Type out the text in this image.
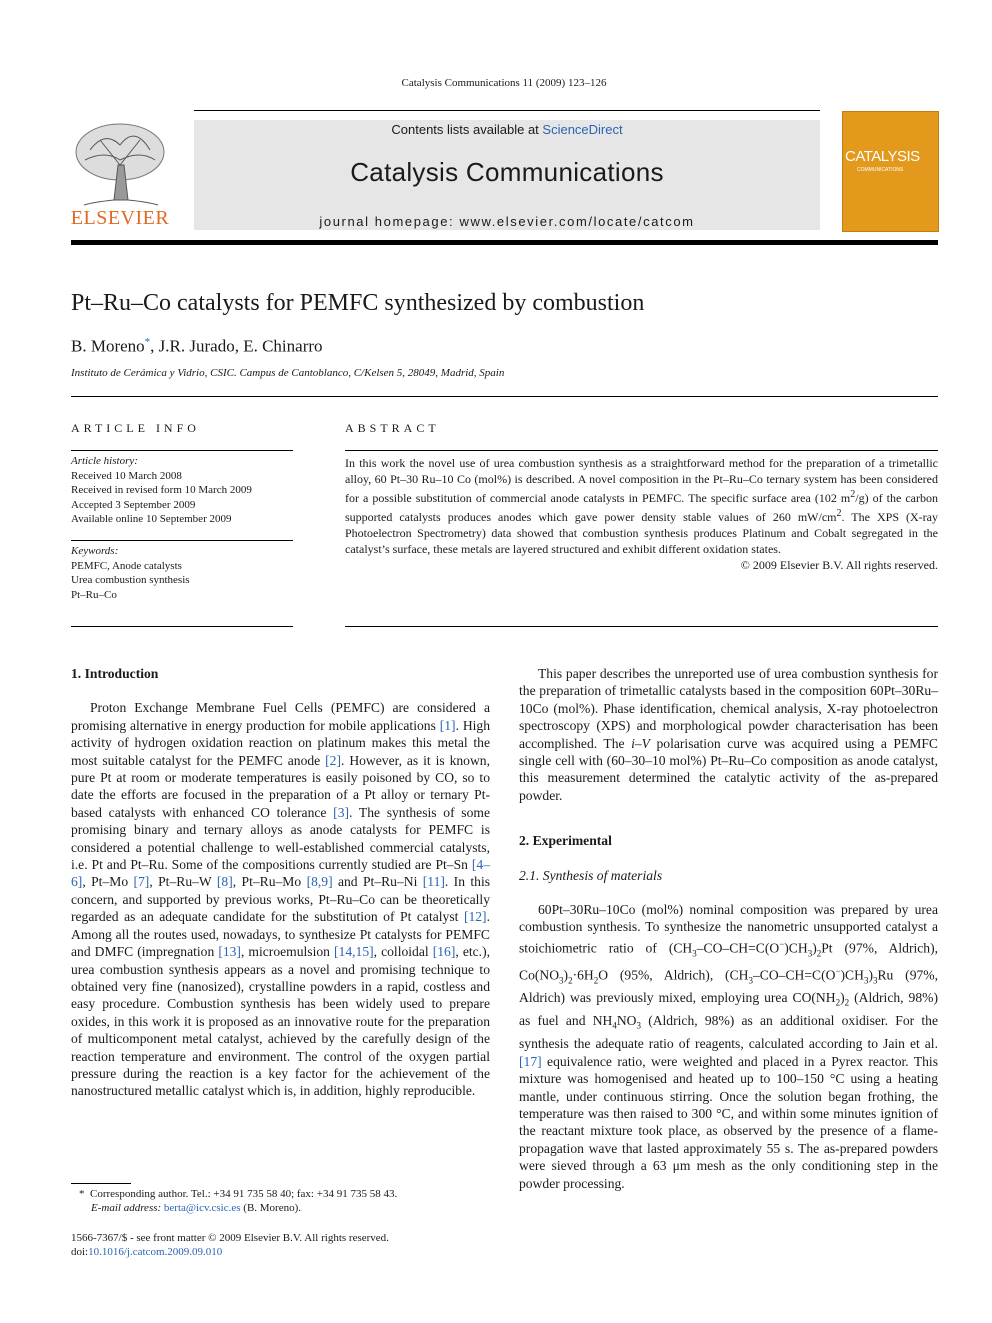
Catalysis Communications 11 (2009) 123–126
ELSEVIER
Contents lists available at ScienceDirect
Catalysis Communications
journal homepage: www.elsevier.com/locate/catcom
CATALYSIS
COMMUNICATIONS
Pt–Ru–Co catalysts for PEMFC synthesized by combustion
B. Moreno*, J.R. Jurado, E. Chinarro
Instituto de Cerámica y Vidrio, CSIC. Campus de Cantoblanco, C/Kelsen 5, 28049, Madrid, Spain
ARTICLE INFO
Article history:
Received 10 March 2008
Received in revised form 10 March 2009
Accepted 3 September 2009
Available online 10 September 2009
Keywords:
PEMFC, Anode catalysts
Urea combustion synthesis
Pt–Ru–Co
ABSTRACT
In this work the novel use of urea combustion synthesis as a straightforward method for the preparation of a trimetallic alloy, 60 Pt–30 Ru–10 Co (mol%) is described. A novel composition in the Pt–Ru–Co ternary system has been considered for a possible substitution of commercial anode catalysts in PEMFC. The specific surface area (102 $m^2/g$) of the carbon supported catalysts produces anodes which gave power density stable values of 260 $mW/cm^2$. The XPS (X-ray Photoelectron Spectrometry) data showed that combustion synthesis produces Platinum and Cobalt segregated in the catalyst’s surface, these metals are layered structured and exhibit different oxidation states.
© 2009 Elsevier B.V. All rights reserved.
1. Introduction

Proton Exchange Membrane Fuel Cells (PEMFC) are considered a promising alternative in energy production for mobile applications [1]. High activity of hydrogen oxidation reaction on platinum makes this metal the most suitable catalyst for the PEMFC anode [2]. However, as it is known, pure Pt at room or moderate temperatures is easily poisoned by CO, so to date the efforts are focused in the preparation of a Pt alloy or ternary Pt-based catalysts with enhanced CO tolerance [3]. The synthesis of some promising binary and ternary alloys as anode catalysts for PEMFC is considered a potential challenge to well-established commercial catalysts, i.e. Pt and Pt–Ru. Some of the compositions currently studied are Pt–Sn [4–6], Pt–Mo [7], Pt–Ru–W [8], Pt–Ru–Mo [8,9] and Pt–Ru–Ni [11]. In this concern, and supported by previous works, Pt–Ru–Co can be theoretically regarded as an adequate candidate for the substitution of Pt catalyst [12]. Among all the routes used, nowadays, to synthesize Pt catalysts for PEMFC and DMFC (impregnation [13], microemulsion [14,15], colloidal [16], etc.), urea combustion synthesis appears as a novel and promising technique to obtained very fine (nanosized), crystalline powders in a rapid, costless and easy procedure. Combustion synthesis has been widely used to prepare oxides, in this work it is proposed as an innovative route for the preparation of multicomponent metal catalyst, achieved by the carefully design of the reaction temperature and environment. The control of the oxygen partial pressure during the reaction is a key factor for the achievement of the nanostructured metallic catalyst which is, in addition, highly reproducible.

*  Corresponding author. Tel.: +34 91 735 58 40; fax: +34 91 735 58 43.
E-mail address: berta@icv.csic.es (B. Moreno).
1566-7367/$ - see front matter © 2009 Elsevier B.V. All rights reserved.
doi:10.1016/j.catcom.2009.09.010

This paper describes the unreported use of urea combustion synthesis for the preparation of trimetallic catalysts based in the composition 60Pt–30Ru–10Co (mol%). Phase identification, chemical analysis, X-ray photoelectron spectroscopy (XPS) and morphological powder characterisation has been accomplished. The i–V polarisation curve was acquired using a PEMFC single cell with (60–30–10 mol%) Pt–Ru–Co composition as anode catalyst, this measurement determined the catalytic activity of the as-prepared powder.

2. Experimental
2.1. Synthesis of materials

60Pt–30Ru–10Co (mol%) nominal composition was prepared by urea combustion synthesis. To synthesize the nanometric unsupported catalyst a stoichiometric ratio of $(CH_3-CO-CH=C(O^-)CH_3)_2Pt$ (97%, Aldrich), $Co(NO_3)_2\cdot 6H_2O$ (95%, Aldrich), $(CH_3-CO-CH=C(O^-)CH_3)_3Ru$ (97%, Aldrich) was previously mixed, employing urea $CO(NH_2)_2$ (Aldrich, 98%) as fuel and $NH_4NO_3$ (Aldrich, 98%) as an additional oxidiser. For the synthesis the adequate ratio of reagents, calculated according to Jain et al. [17] equivalence ratio, were weighted and placed in a Pyrex reactor. This mixture was homogenised and heated up to 100–150 °C using a heating mantle, under continuous stirring. Once the solution began frothing, the temperature was then raised to 300 °C, and within some minutes ignition of the reactant mixture took place, as observed by the presence of a flame-propagation wave that lasted approximately 55 s. The as-prepared powders were sieved through a 63 μm mesh as the only conditioning step in the powder processing.
